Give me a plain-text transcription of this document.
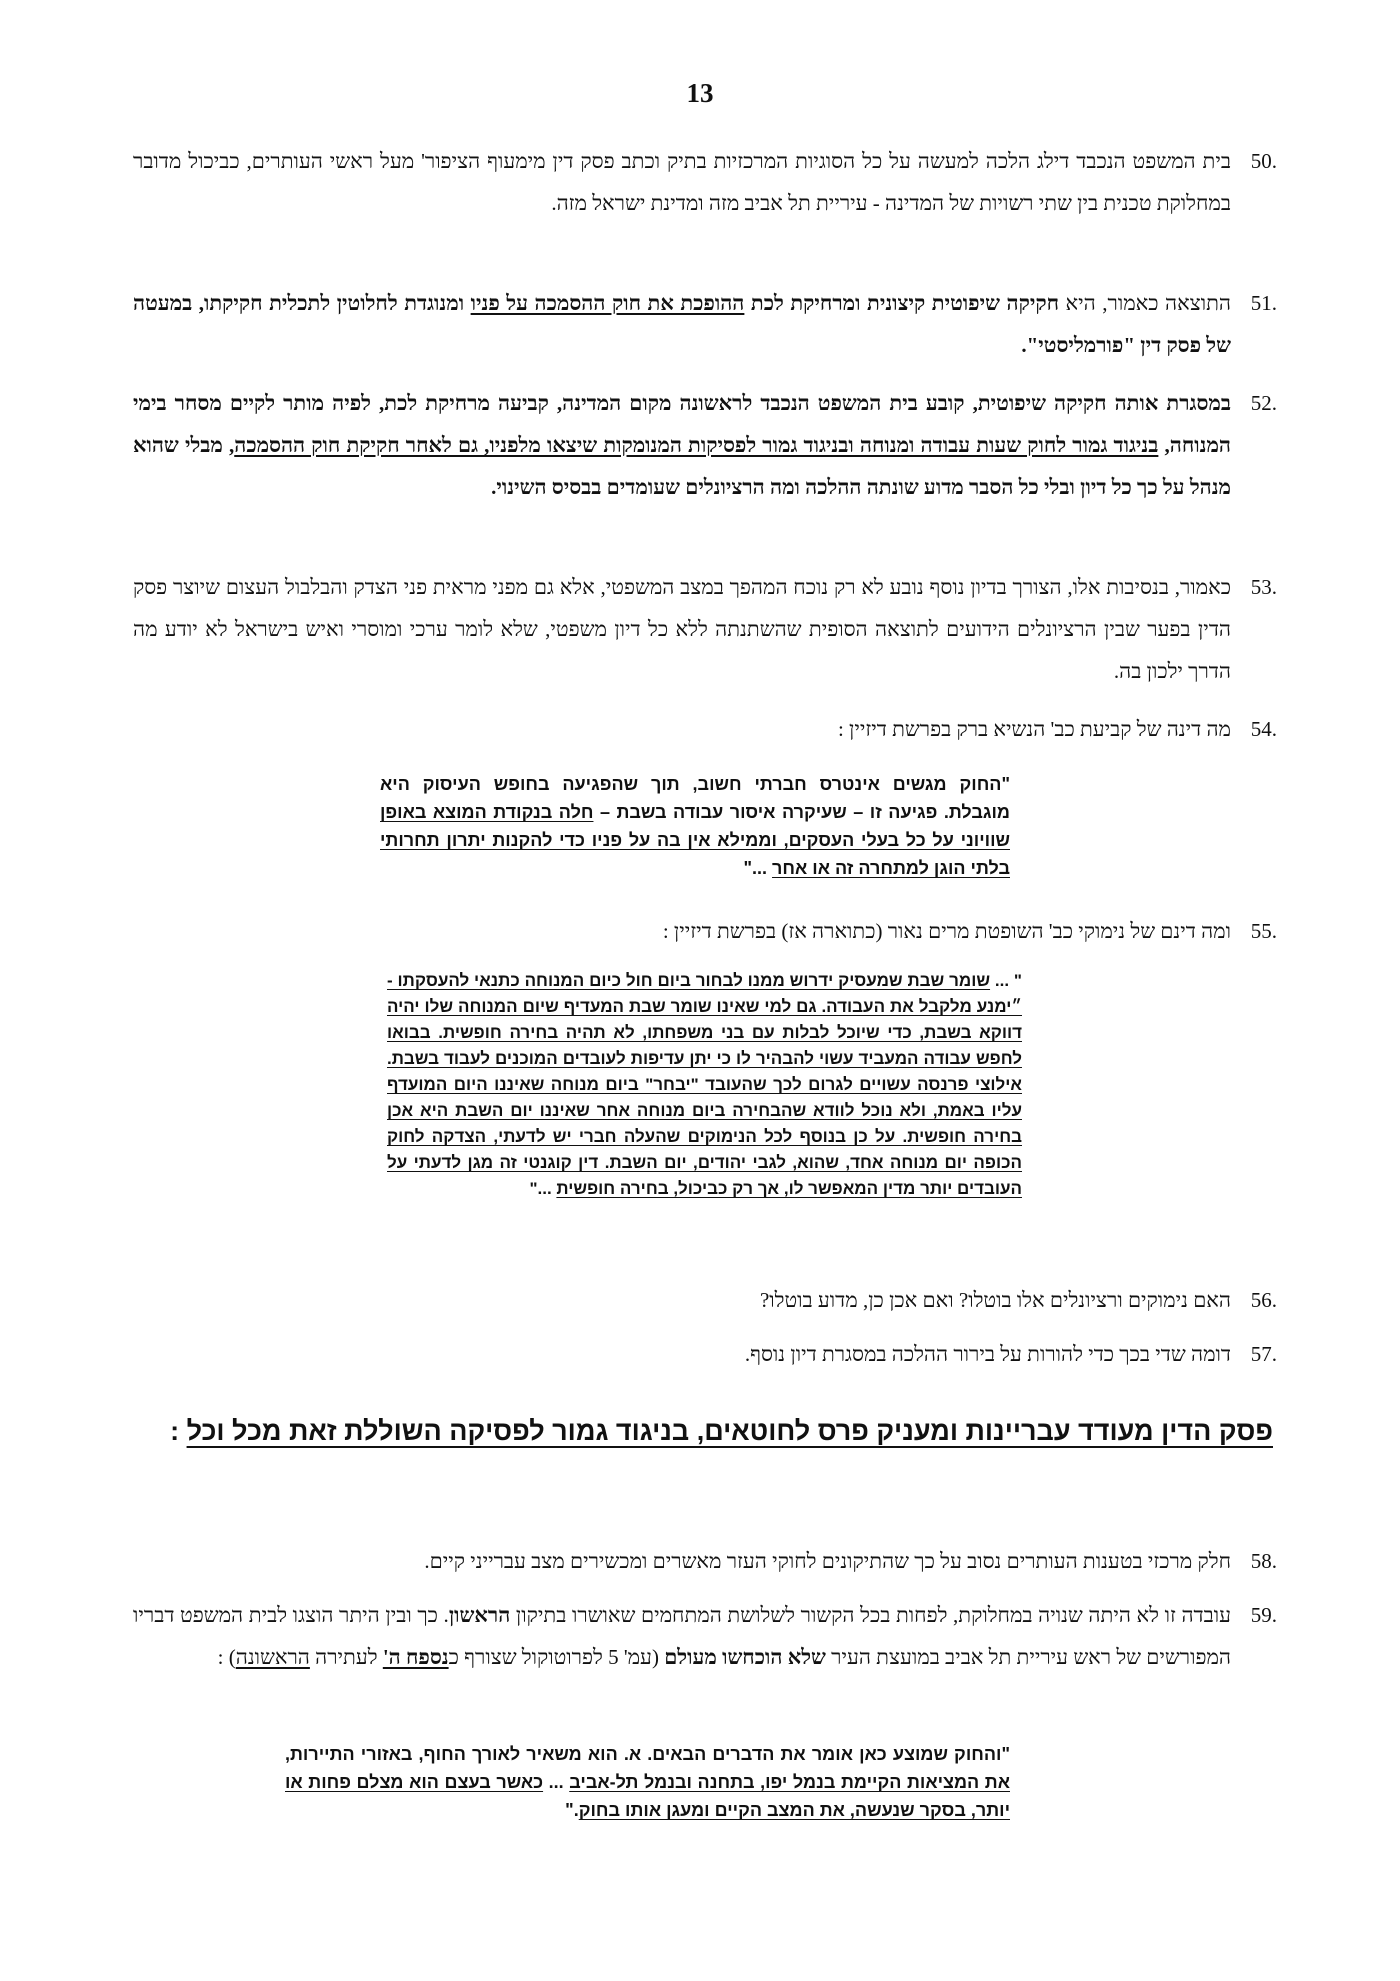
13
50.
בית המשפט הנכבד דילג הלכה למעשה על כל הסוגיות המרכזיות בתיק וכתב פסק דין מימעוף הציפור' מעל ראשי העותרים, כביכול מדובר במחלוקת טכנית בין שתי רשויות של המדינה - עיריית תל אביב מזה ומדינת ישראל מזה.
51.
התוצאה כאמור, היא חקיקה שיפוטית קיצונית ומרחיקת לכת ההופכת את חוק ההסמכה על פניו ומנוגדת לחלוטין לתכלית חקיקתו, במעטה של פסק דין "פורמליסטי".
52.
במסגרת אותה חקיקה שיפוטית, קובע בית המשפט הנכבד לראשונה מקום המדינה, קביעה מרחיקת לכת, לפיה מותר לקיים מסחר בימי המנוחה, בניגוד גמור לחוק שעות עבודה ומנוחה ובניגוד גמור לפסיקות המנומקות שיצאו מלפניו, גם לאחר חקיקת חוק ההסמכה, מבלי שהוא מנהל על כך כל דיון ובלי כל הסבר מדוע שונתה ההלכה ומה הרציונלים שעומדים בבסיס השינוי.
53.
כאמור, בנסיבות אלו, הצורך בדיון נוסף נובע לא רק נוכח המהפך במצב המשפטי, אלא גם מפני מראית פני הצדק והבלבול העצום שיוצר פסק הדין בפער שבין הרציונלים הידועים לתוצאה הסופית שהשתנתה ללא כל דיון משפטי, שלא לומר ערכי ומוסרי ואיש בישראל לא יודע מה הדרך ילכון בה.
54.
מה דינה של קביעת כב' הנשיא ברק בפרשת דיזיין :
"החוק מגשים אינטרס חברתי חשוב, תוך שהפגיעה בחופש העיסוק היא מוגבלת. פגיעה זו – שעיקרה איסור עבודה בשבת – חלה בנקודת המוצא באופן שוויוני על כל בעלי העסקים, וממילא אין בה על פניו כדי להקנות יתרון תחרותי בלתי הוגן למתחרה זה או אחר ..."
55.
ומה דינם של נימוקי כב' השופטת מרים נאור (כתוארה אז) בפרשת דיזיין :
" ... שומר שבת שמעסיק ידרוש ממנו לבחור ביום חול כיום המנוחה כתנאי להעסקתו - ״ימנע מלקבל את העבודה. גם למי שאינו שומר שבת המעדיף שיום המנוחה שלו יהיה דווקא בשבת, כדי שיוכל לבלות עם בני משפחתו, לא תהיה בחירה חופשית. בבואו לחפש עבודה המעביד עשוי להבהיר לו כי יתן עדיפות לעובדים המוכנים לעבוד בשבת. אילוצי פרנסה עשויים לגרום לכך שהעובד "יבחר" ביום מנוחה שאיננו היום המועדף עליו באמת, ולא נוכל לוודא שהבחירה ביום מנוחה אחר שאיננו יום השבת היא אכן בחירה חופשית. על כן בנוסף לכל הנימוקים שהעלה חברי יש לדעתי, הצדקה לחוק הכופה יום מנוחה אחד, שהוא, לגבי יהודים, יום השבת. דין קוגנטי זה מגן לדעתי על העובדים יותר מדין המאפשר לו, אך רק כביכול, בחירה חופשית ..."
56.
האם נימוקים ורציונלים אלו בוטלו? ואם אכן כן, מדוע בוטלו?
57.
דומה שדי בכך כדי להורות על בירור ההלכה במסגרת דיון נוסף.
פסק הדין מעודד עבריינות ומעניק פרס לחוטאים, בניגוד גמור לפסיקה השוללת זאת מכל וכל :
58.
חלק מרכזי בטענות העותרים נסוב על כך שהתיקונים לחוקי העזר מאשרים ומכשירים מצב עברייני קיים.
59.
עובדה זו לא היתה שנויה במחלוקת, לפחות בכל הקשור לשלושת המתחמים שאושרו בתיקון הראשון. כך ובין היתר הוצגו לבית המשפט דבריו המפורשים של ראש עיריית תל אביב במועצת העיר שלא הוכחשו מעולם (עמ' 5 לפרוטוקול שצורף כנספח ה' לעתירה הראשונה) :
"והחוק שמוצע כאן אומר את הדברים הבאים. א. הוא משאיר לאורך החוף, באזורי התיירות, את המציאות הקיימת בנמל יפו, בתחנה ובנמל תל-אביב ... כאשר בעצם הוא מצלם פחות או יותר, בסקר שנעשה, את המצב הקיים ומעגן אותו בחוק."
